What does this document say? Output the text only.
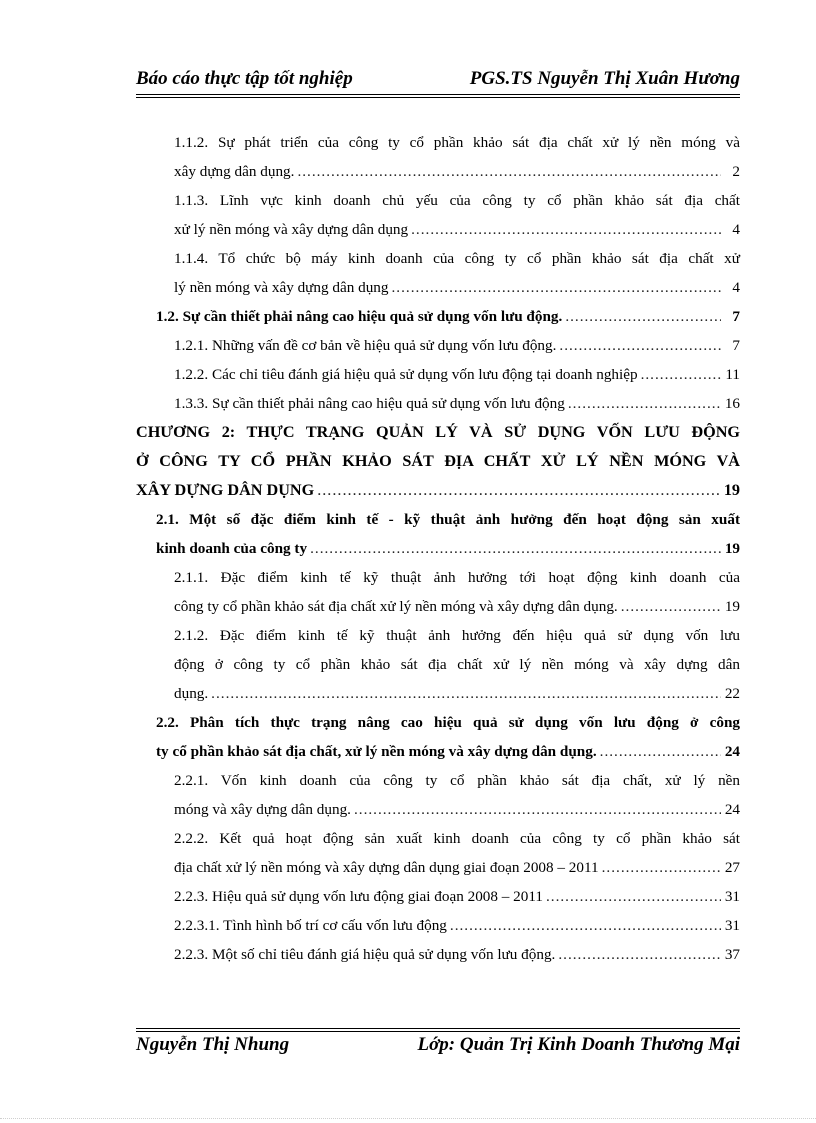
Báo cáo thực tập tốt nghiệp	PGS.TS Nguyễn Thị Xuân Hương
1.1.2. Sự phát triển của công ty cổ phần khảo sát địa chất xử lý nền móng và
xây dựng dân dụng. .....	2
1.1.3. Lĩnh vực kinh doanh chủ yếu của công ty cổ phần khảo sát địa chất
xử lý nền móng và xây dựng dân dụng .....	4
1.1.4. Tổ chức bộ máy kinh doanh của công ty cổ phần khảo sát địa chất xử
lý nền móng và xây dựng dân dụng .....	4
1.2. Sự cần thiết phải nâng cao hiệu quả sử dụng vốn lưu động. .....	7
1.2.1. Những vấn đề cơ bản về hiệu quả sử dụng vốn lưu động. .....	7
1.2.2. Các chỉ tiêu đánh giá hiệu quả sử dụng vốn lưu động tại doanh nghiệp .....	11
1.3.3. Sự cần thiết phải nâng cao hiệu quả sử dụng vốn lưu động .....	16
CHƯƠNG 2: THỰC TRẠNG QUẢN LÝ VÀ SỬ DỤNG VỐN LƯU ĐỘNG
Ở CÔNG TY CỔ PHẦN KHẢO SÁT ĐỊA CHẤT XỬ LÝ NỀN MÓNG VÀ
XÂY DỰNG DÂN DỤNG .....	19
2.1. Một số đặc điểm kinh tế - kỹ thuật ảnh hưởng đến hoạt động sản xuất
kinh doanh của công ty .....	19
2.1.1. Đặc điểm kinh tế kỹ thuật ảnh hưởng tới hoạt động kinh doanh của
công ty cổ phần khảo sát địa chất xử lý nền móng và xây dựng dân dụng. .....	19
2.1.2. Đặc điểm kinh tế kỹ thuật ảnh hưởng đến hiệu quả sử dụng vốn lưu
động ở công ty cổ phần khảo sát địa chất xử lý nền móng và xây dựng dân
dụng. .....	22
2.2. Phân tích thực trạng nâng cao hiệu quả sử dụng vốn lưu động ở công
ty cổ phần khảo sát địa chất, xử lý nền móng và xây dựng dân dụng. .....	24
2.2.1. Vốn kinh doanh của công ty cổ phần khảo sát địa chất, xử lý nền
móng và xây dựng dân dụng. .....	24
2.2.2. Kết quả hoạt động sản xuất kinh doanh của công ty cổ phần khảo sát
địa chất xử lý nền móng và xây dựng dân dụng giai đoạn 2008 – 2011 .....	27
2.2.3. Hiệu quả sử dụng vốn lưu động giai đoạn 2008 – 2011 .....	31
2.2.3.1. Tình hình bố trí cơ cấu vốn lưu động .....	31
2.2.3. Một số chỉ tiêu đánh giá hiệu quả sử dụng vốn lưu động. .....	37
Nguyễn Thị Nhung	Lớp: Quản Trị Kinh Doanh Thương Mại
